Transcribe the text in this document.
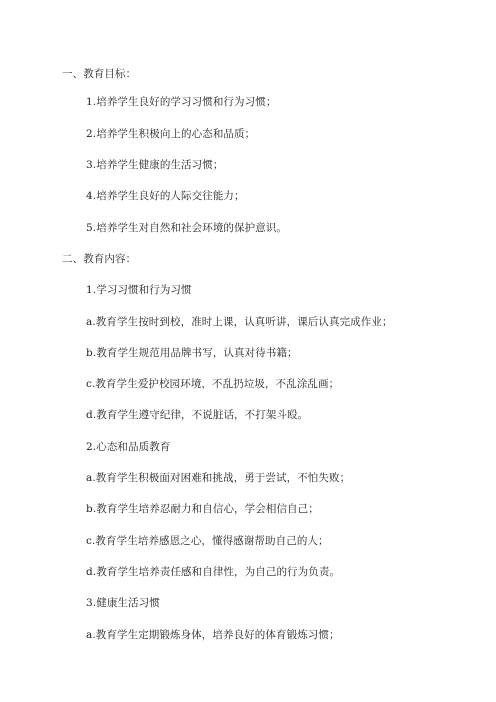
一、教育目标：
1.培养学生良好的学习习惯和行为习惯；
2.培养学生积极向上的心态和品质；
3.培养学生健康的生活习惯；
4.培养学生良好的人际交往能力；
5.培养学生对自然和社会环境的保护意识。
二、教育内容：
1.学习习惯和行为习惯
a.教育学生按时到校，准时上课，认真听讲，课后认真完成作业；
b.教育学生规范用品牌书写，认真对待书籍；
c.教育学生爱护校园环境，不乱扔垃圾，不乱涂乱画；
d.教育学生遵守纪律，不说脏话，不打架斗殴。
2.心态和品质教育
a.教育学生积极面对困难和挑战，勇于尝试，不怕失败；
b.教育学生培养忍耐力和自信心，学会相信自己；
c.教育学生培养感恩之心，懂得感谢帮助自己的人；
d.教育学生培养责任感和自律性，为自己的行为负责。
3.健康生活习惯
a.教育学生定期锻炼身体，培养良好的体育锻炼习惯；
